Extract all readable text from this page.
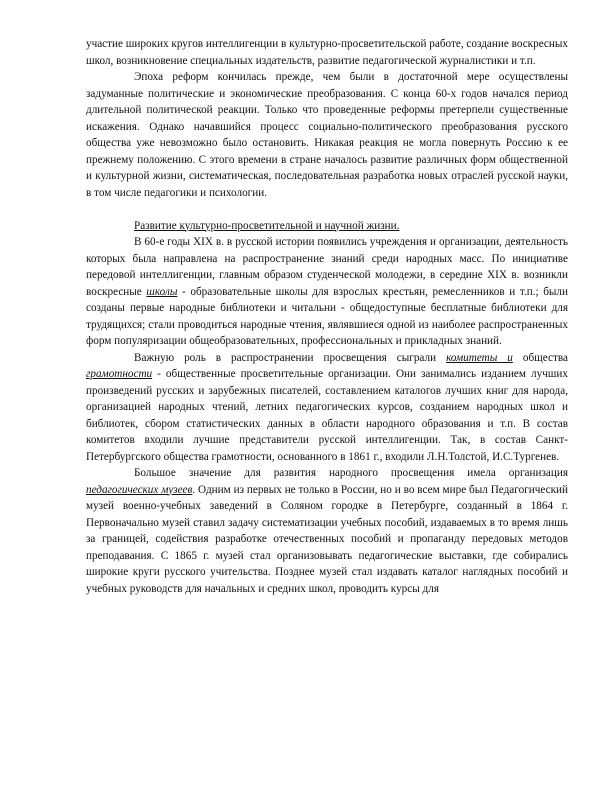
участие широких кругов интеллигенции в культурно-просветительской работе, создание воскресных школ, возникновение специальных издательств, развитие педагогической журналистики и т.п.

Эпоха реформ кончилась прежде, чем были в достаточной мере осуществлены задуманные политические и экономические преобразования. С конца 60-х годов начался период длительной политической реакции. Только что проведенные реформы претерпели существенные искажения. Однако начавшийся процесс социально-политического преобразования русского общества уже невозможно было остановить. Никакая реакция не могла повернуть Россию к ее прежнему положению. С этого времени в стране началось развитие различных форм общественной и культурной жизни, систематическая, последовательная разработка новых отраслей русской науки, в том числе педагогики и психологии.

Развитие культурно-просветительной и научной жизни.

В 60-е годы XIX в. в русской истории появились учреждения и организации, деятельность которых была направлена на распространение знаний среди народных масс. По инициативе передовой интеллигенции, главным образом студенческой молодежи, в середине XIX в. возникли воскресные школы - образовательные школы для взрослых крестьян, ремесленников и т.п.; были созданы первые народные библиотеки и читальни - общедоступные бесплатные библиотеки для трудящихся; стали проводиться народные чтения, являвшиеся одной из наиболее распространенных форм популяризации общеобразовательных, профессиональных и прикладных знаний.

Важную роль в распространении просвещения сыграли комитеты и общества грамотности - общественные просветительные организации. Они занимались изданием лучших произведений русских и зарубежных писателей, составлением каталогов лучших книг для народа, организацией народных чтений, летних педагогических курсов, созданием народных школ и библиотек, сбором статистических данных в области народного образования и т.п. В состав комитетов входили лучшие представители русской интеллигенции. Так, в состав Санкт-Петербургского общества грамотности, основанного в 1861 г., входили Л.Н.Толстой, И.С.Тургенев.

Большое значение для развития народного просвещения имела организация педагогических музеев. Одним из первых не только в России, но и во всем мире был Педагогический музей военно-учебных заведений в Соляном городке в Петербурге, созданный в 1864 г. Первоначально музей ставил задачу систематизации учебных пособий, издаваемых в то время лишь за границей, содействия разработке отечественных пособий и пропаганду передовых методов преподавания. С 1865 г. музей стал организовывать педагогические выставки, где собирались широкие круги русского учительства. Позднее музей стал издавать каталог наглядных пособий и учебных руководств для начальных и средних школ, проводить курсы для
